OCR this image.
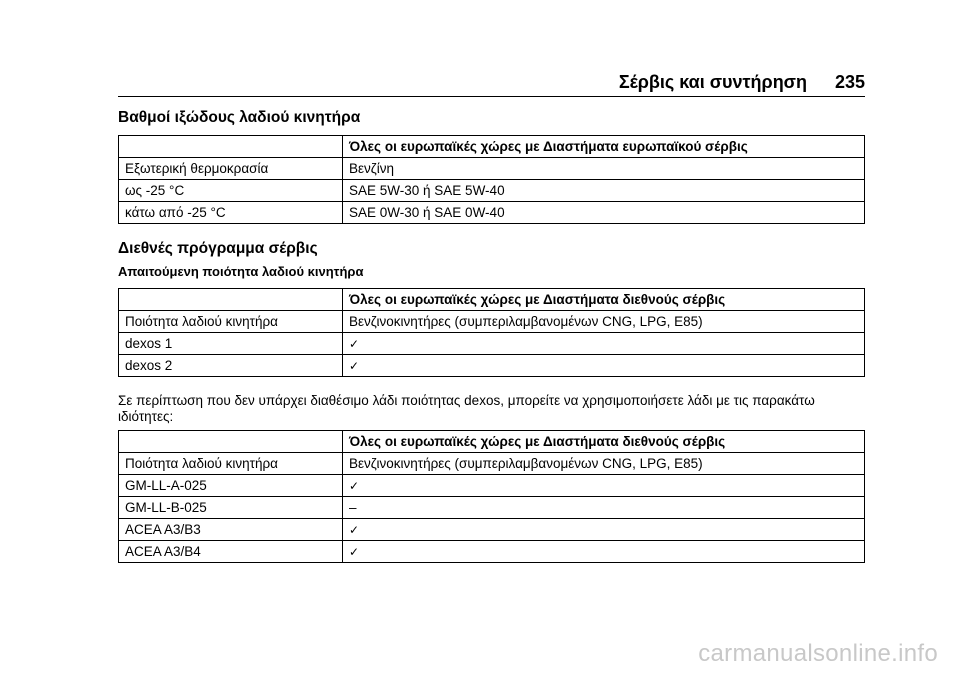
Σέρβις και συντήρηση 235
Βαθμοί ιξώδους λαδιού κινητήρα
	Όλες οι ευρωπαϊκές χώρες με Διαστήματα ευρωπαϊκού σέρβις
Εξωτερική θερμοκρασία	Βενζίνη
ως -25 °C	SAE 5W-30 ή SAE 5W-40
κάτω από -25 °C	SAE 0W-30 ή SAE 0W-40
Διεθνές πρόγραμμα σέρβις
Απαιτούμενη ποιότητα λαδιού κινητήρα
	Όλες οι ευρωπαϊκές χώρες με Διαστήματα διεθνούς σέρβις
Ποιότητα λαδιού κινητήρα	Βενζινοκινητήρες (συμπεριλαμβανομένων CNG, LPG, E85)
dexos 1	✓
dexos 2	✓
Σε περίπτωση που δεν υπάρχει διαθέσιμο λάδι ποιότητας dexos, μπορείτε να χρησιμοποιήσετε λάδι με τις παρακάτω
ιδιότητες:
	Όλες οι ευρωπαϊκές χώρες με Διαστήματα διεθνούς σέρβις
Ποιότητα λαδιού κινητήρα	Βενζινοκινητήρες (συμπεριλαμβανομένων CNG, LPG, E85)
GM-LL-A-025	✓
GM-LL-B-025	–
ACEA A3/B3	✓
ACEA A3/B4	✓
carmanualsonline.info
